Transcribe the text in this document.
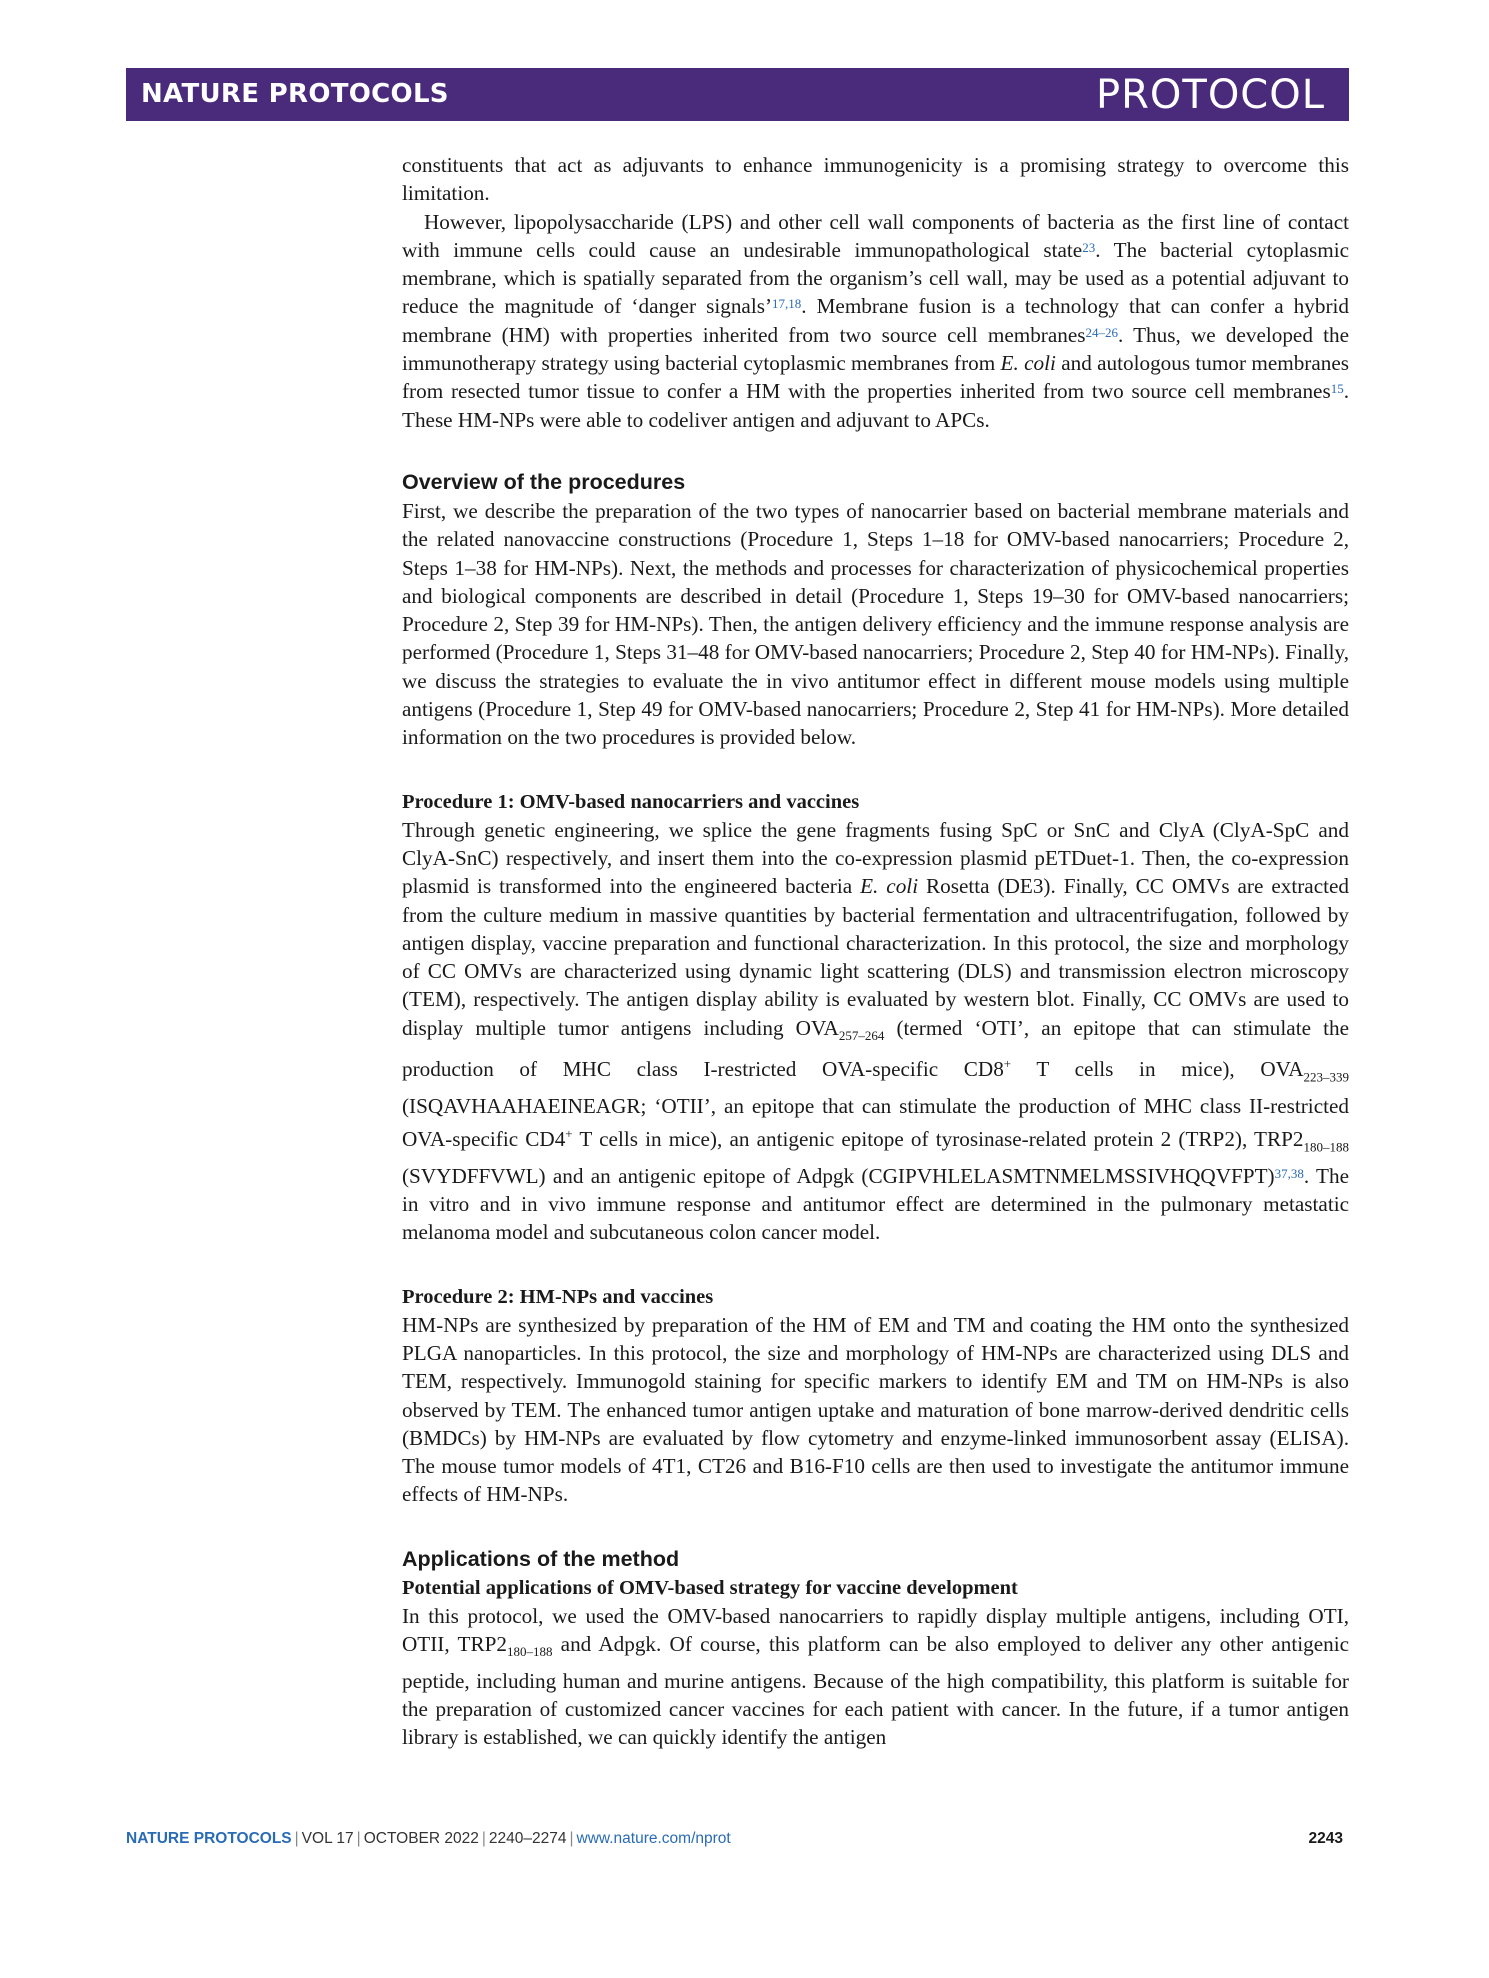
NATURE PROTOCOLS	PROTOCOL

constituents that act as adjuvants to enhance immunogenicity is a promising strategy to overcome this limitation.

However, lipopolysaccharide (LPS) and other cell wall components of bacteria as the first line of contact with immune cells could cause an undesirable immunopathological state$^{23}$. The bacterial cytoplasmic membrane, which is spatially separated from the organism’s cell wall, may be used as a potential adjuvant to reduce the magnitude of ‘danger signals’$^{17,18}$. Membrane fusion is a technology that can confer a hybrid membrane (HM) with properties inherited from two source cell membranes$^{24-26}$. Thus, we developed the immunotherapy strategy using bacterial cytoplasmic membranes from E. coli and autologous tumor membranes from resected tumor tissue to confer a HM with the properties inherited from two source cell membranes$^{15}$. These HM-NPs were able to codeliver antigen and adjuvant to APCs.

Overview of the procedures

First, we describe the preparation of the two types of nanocarrier based on bacterial membrane materials and the related nanovaccine constructions (Procedure 1, Steps 1–18 for OMV-based nanocarriers; Procedure 2, Steps 1–38 for HM-NPs). Next, the methods and processes for characterization of physicochemical properties and biological components are described in detail (Procedure 1, Steps 19–30 for OMV-based nanocarriers; Procedure 2, Step 39 for HM-NPs). Then, the antigen delivery efficiency and the immune response analysis are performed (Procedure 1, Steps 31–48 for OMV-based nanocarriers; Procedure 2, Step 40 for HM-NPs). Finally, we discuss the strategies to evaluate the in vivo antitumor effect in different mouse models using multiple antigens (Procedure 1, Step 49 for OMV-based nanocarriers; Procedure 2, Step 41 for HM-NPs). More detailed information on the two procedures is provided below.

Procedure 1: OMV-based nanocarriers and vaccines

Through genetic engineering, we splice the gene fragments fusing SpC or SnC and ClyA (ClyA-SpC and ClyA-SnC) respectively, and insert them into the co-expression plasmid pETDuet-1. Then, the co-expression plasmid is transformed into the engineered bacteria E. coli Rosetta (DE3). Finally, CC OMVs are extracted from the culture medium in massive quantities by bacterial fermentation and ultracentrifugation, followed by antigen display, vaccine preparation and functional characterization. In this protocol, the size and morphology of CC OMVs are characterized using dynamic light scattering (DLS) and transmission electron microscopy (TEM), respectively. The antigen display ability is evaluated by western blot. Finally, CC OMVs are used to display multiple tumor antigens including $OVA_{257-264}$ (termed ‘OTI’, an epitope that can stimulate the production of MHC class I-restricted OVA-specific CD8+ T cells in mice), $OVA_{223-339}$ (ISQAVHAAHAEINEAGR; ‘OTII’, an epitope that can stimulate the production of MHC class II-restricted OVA-specific CD4+ T cells in mice), an antigenic epitope of tyrosinase-related protein 2 (TRP2), $TRP2_{180-188}$ (SVYDFFVWL) and an antigenic epitope of Adpgk (CGIPVHLELASMTNMELMSSIVHQQVFPT)$^{37,38}$. The in vitro and in vivo immune response and antitumor effect are determined in the pulmonary metastatic melanoma model and subcutaneous colon cancer model.

Procedure 2: HM-NPs and vaccines

HM-NPs are synthesized by preparation of the HM of EM and TM and coating the HM onto the synthesized PLGA nanoparticles. In this protocol, the size and morphology of HM-NPs are characterized using DLS and TEM, respectively. Immunogold staining for specific markers to identify EM and TM on HM-NPs is also observed by TEM. The enhanced tumor antigen uptake and maturation of bone marrow-derived dendritic cells (BMDCs) by HM-NPs are evaluated by flow cytometry and enzyme-linked immunosorbent assay (ELISA). The mouse tumor models of 4T1, CT26 and B16-F10 cells are then used to investigate the antitumor immune effects of HM-NPs.

Applications of the method
Potential applications of OMV-based strategy for vaccine development

In this protocol, we used the OMV-based nanocarriers to rapidly display multiple antigens, including OTI, OTII, $TRP2_{180-188}$ and Adpgk. Of course, this platform can be also employed to deliver any other antigenic peptide, including human and murine antigens. Because of the high compatibility, this platform is suitable for the preparation of customized cancer vaccines for each patient with cancer. In the future, if a tumor antigen library is established, we can quickly identify the antigen

NATURE PROTOCOLS | VOL 17 | OCTOBER 2022 | 2240–2274 | www.nature.com/nprot	2243
